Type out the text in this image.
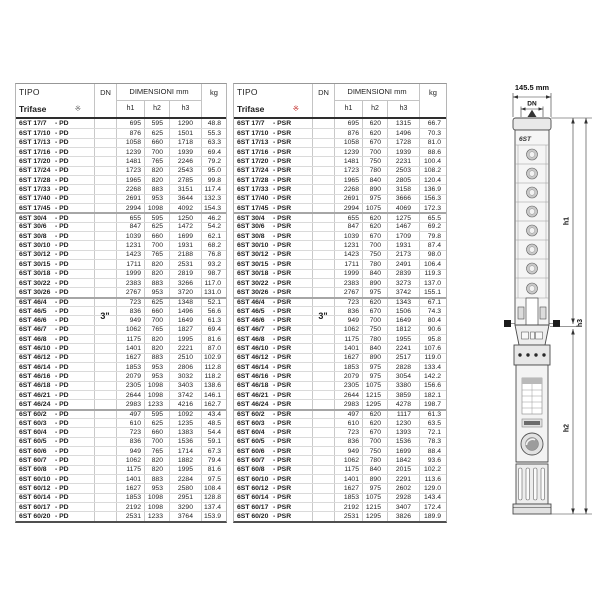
TIPO	DN	DIMENSIONI mm	kg
Trifase	※	h1	h2	h3
6ST 17/7	- PD	695	595	1290	48.8
6ST 17/10 - PD	876	625	1501	55.3
6ST 17/13 - PD	1058	660	1718	63.3
6ST 17/16 - PD	1239	700	1939	69.4
6ST 17/20 - PD	1481	765	2246	79.2
6ST 17/24 - PD	1723	820	2543	95.0
6ST 17/28 - PD	1965	820	2785	99.8
6ST 17/33 - PD	2268	883	3151	117.4
6ST 17/40 - PD	2691	953	3644	132.3
6ST 17/45 - PD	2994	1098	4092	154.3
6ST 30/4	- PD	655	595	1250	46.2
6ST 30/6	- PD	847	625	1472	54.2
6ST 30/8	- PD	1039	660	1699	62.1
6ST 30/10 - PD	1231	700	1931	68.2
6ST 30/12 - PD	1423	765	2188	76.8
6ST 30/15 - PD	1711	820	2531	93.2
6ST 30/18 - PD	1999	820	2819	98.7
6ST 30/22 - PD	2383	883	3266	117.0
6ST 30/26 - PD	2767	953	3720	131.0
6ST 46/4	- PD	723	625	1348	52.1
6ST 46/5	- PD	836	660	1496	56.6
6ST 46/6	- PD	949	700	1649	61.3
6ST 46/7	- PD	1062	765	1827	69.4
6ST 46/8	- PD	1175	820	1995	81.6
6ST 46/10 - PD	1401	820	2221	87.0
6ST 46/12 - PD	1627	883	2510	102.9
6ST 46/14 - PD	1853	953	2806	112.8
6ST 46/16 - PD	2079	953	3032	118.2
6ST 46/18 - PD	2305	1098	3403	138.6
6ST 46/21 - PD	2644	1098	3742	146.1
6ST 46/24 - PD	2983	1233	4216	162.7
6ST 60/2	- PD	497	595	1092	43.4
6ST 60/3	- PD	610	625	1235	48.5
6ST 60/4	- PD	723	660	1383	54.4
6ST 60/5	- PD	836	700	1536	59.1
6ST 60/6	- PD	949	765	1714	67.3
6ST 60/7	- PD	1062	820	1882	79.4
6ST 60/8	- PD	1175	820	1995	81.6
6ST 60/10 - PD	1401	883	2284	97.5
6ST 60/12 - PD	1627	953	2580	108.4
6ST 60/14 - PD	1853	1098	2951	128.8
6ST 60/17 - PD	2192	1098	3290	137.4
6ST 60/20 - PD	2531	1233	3764	153.9
3"
TIPO	DN	DIMENSIONI mm	kg
Trifase	※	h1	h2	h3
6ST 17/7	- PSR	695	620	1315	66.7
6ST 17/10 - PSR	876	620	1496	70.3
6ST 17/13 - PSR	1058	670	1728	81.0
6ST 17/16 - PSR	1239	700	1939	88.6
6ST 17/20 - PSR	1481	750	2231	100.4
6ST 17/24 - PSR	1723	780	2503	108.2
6ST 17/28 - PSR	1965	840	2805	120.4
6ST 17/33 - PSR	2268	890	3158	136.9
6ST 17/40 - PSR	2691	975	3666	156.3
6ST 17/45 - PSR	2994	1075	4069	172.3
6ST 30/4	- PSR	655	620	1275	65.5
6ST 30/6	- PSR	847	620	1467	69.2
6ST 30/8	- PSR	1039	670	1709	79.8
6ST 30/10 - PSR	1231	700	1931	87.4
6ST 30/12 - PSR	1423	750	2173	98.0
6ST 30/15 - PSR	1711	780	2491	106.4
6ST 30/18 - PSR	1999	840	2839	119.3
6ST 30/22 - PSR	2383	890	3273	137.0
6ST 30/26 - PSR	2767	975	3742	155.1
6ST 46/4	- PSR	723	620	1343	67.1
6ST 46/5	- PSR	836	670	1506	74.3
6ST 46/6	- PSR	949	700	1649	80.4
6ST 46/7	- PSR	1062	750	1812	90.6
6ST 46/8	- PSR	1175	780	1955	95.8
6ST 46/10 - PSR	1401	840	2241	107.6
6ST 46/12 - PSR	1627	890	2517	119.0
6ST 46/14 - PSR	1853	975	2828	133.4
6ST 46/16 - PSR	2079	975	3054	142.2
6ST 46/18 - PSR	2305	1075	3380	156.6
6ST 46/21 - PSR	2644	1215	3859	182.1
6ST 46/24 - PSR	2983	1295	4278	198.7
6ST 60/2	- PSR	497	620	1117	61.3
6ST 60/3	- PSR	610	620	1230	63.5
6ST 60/4	- PSR	723	670	1393	72.1
6ST 60/5	- PSR	836	700	1536	78.3
6ST 60/6	- PSR	949	750	1699	88.4
6ST 60/7	- PSR	1062	780	1842	93.6
6ST 60/8	- PSR	1175	840	2015	102.2
6ST 60/10 - PSR	1401	890	2291	113.6
6ST 60/12 - PSR	1627	975	2602	129.0
6ST 60/14 - PSR	1853	1075	2928	143.4
6ST 60/17 - PSR	2192	1215	3407	172.4
6ST 60/20 - PSR	2531	1295	3826	189.9
3"
145.5 mm
DN
6ST
h1
h3
h2
